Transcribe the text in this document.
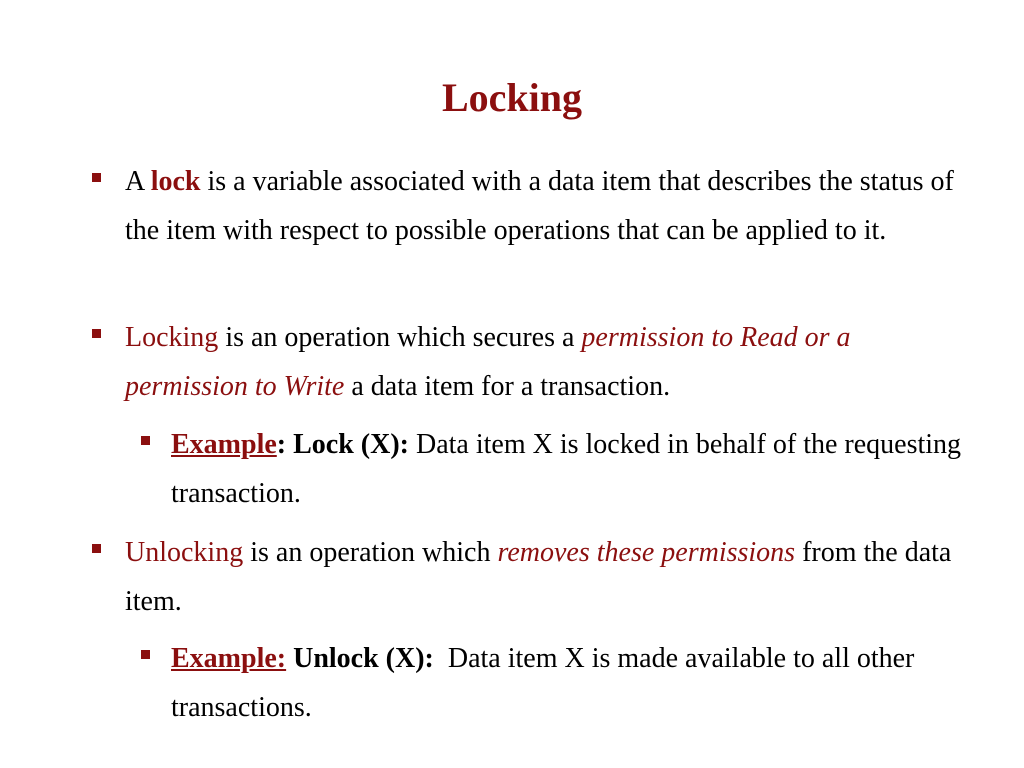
Locking
A lock is a variable associated with a data item that describes the status of the item with respect to possible operations that can be applied to it.
Locking is an operation which secures a permission to Read or a permission to Write a data item for a transaction.
Example: Lock (X): Data item X is locked in behalf of the requesting transaction.
Unlocking is an operation which removes these permissions from the data item.
Example: Unlock (X):  Data item X is made available to all other transactions.
